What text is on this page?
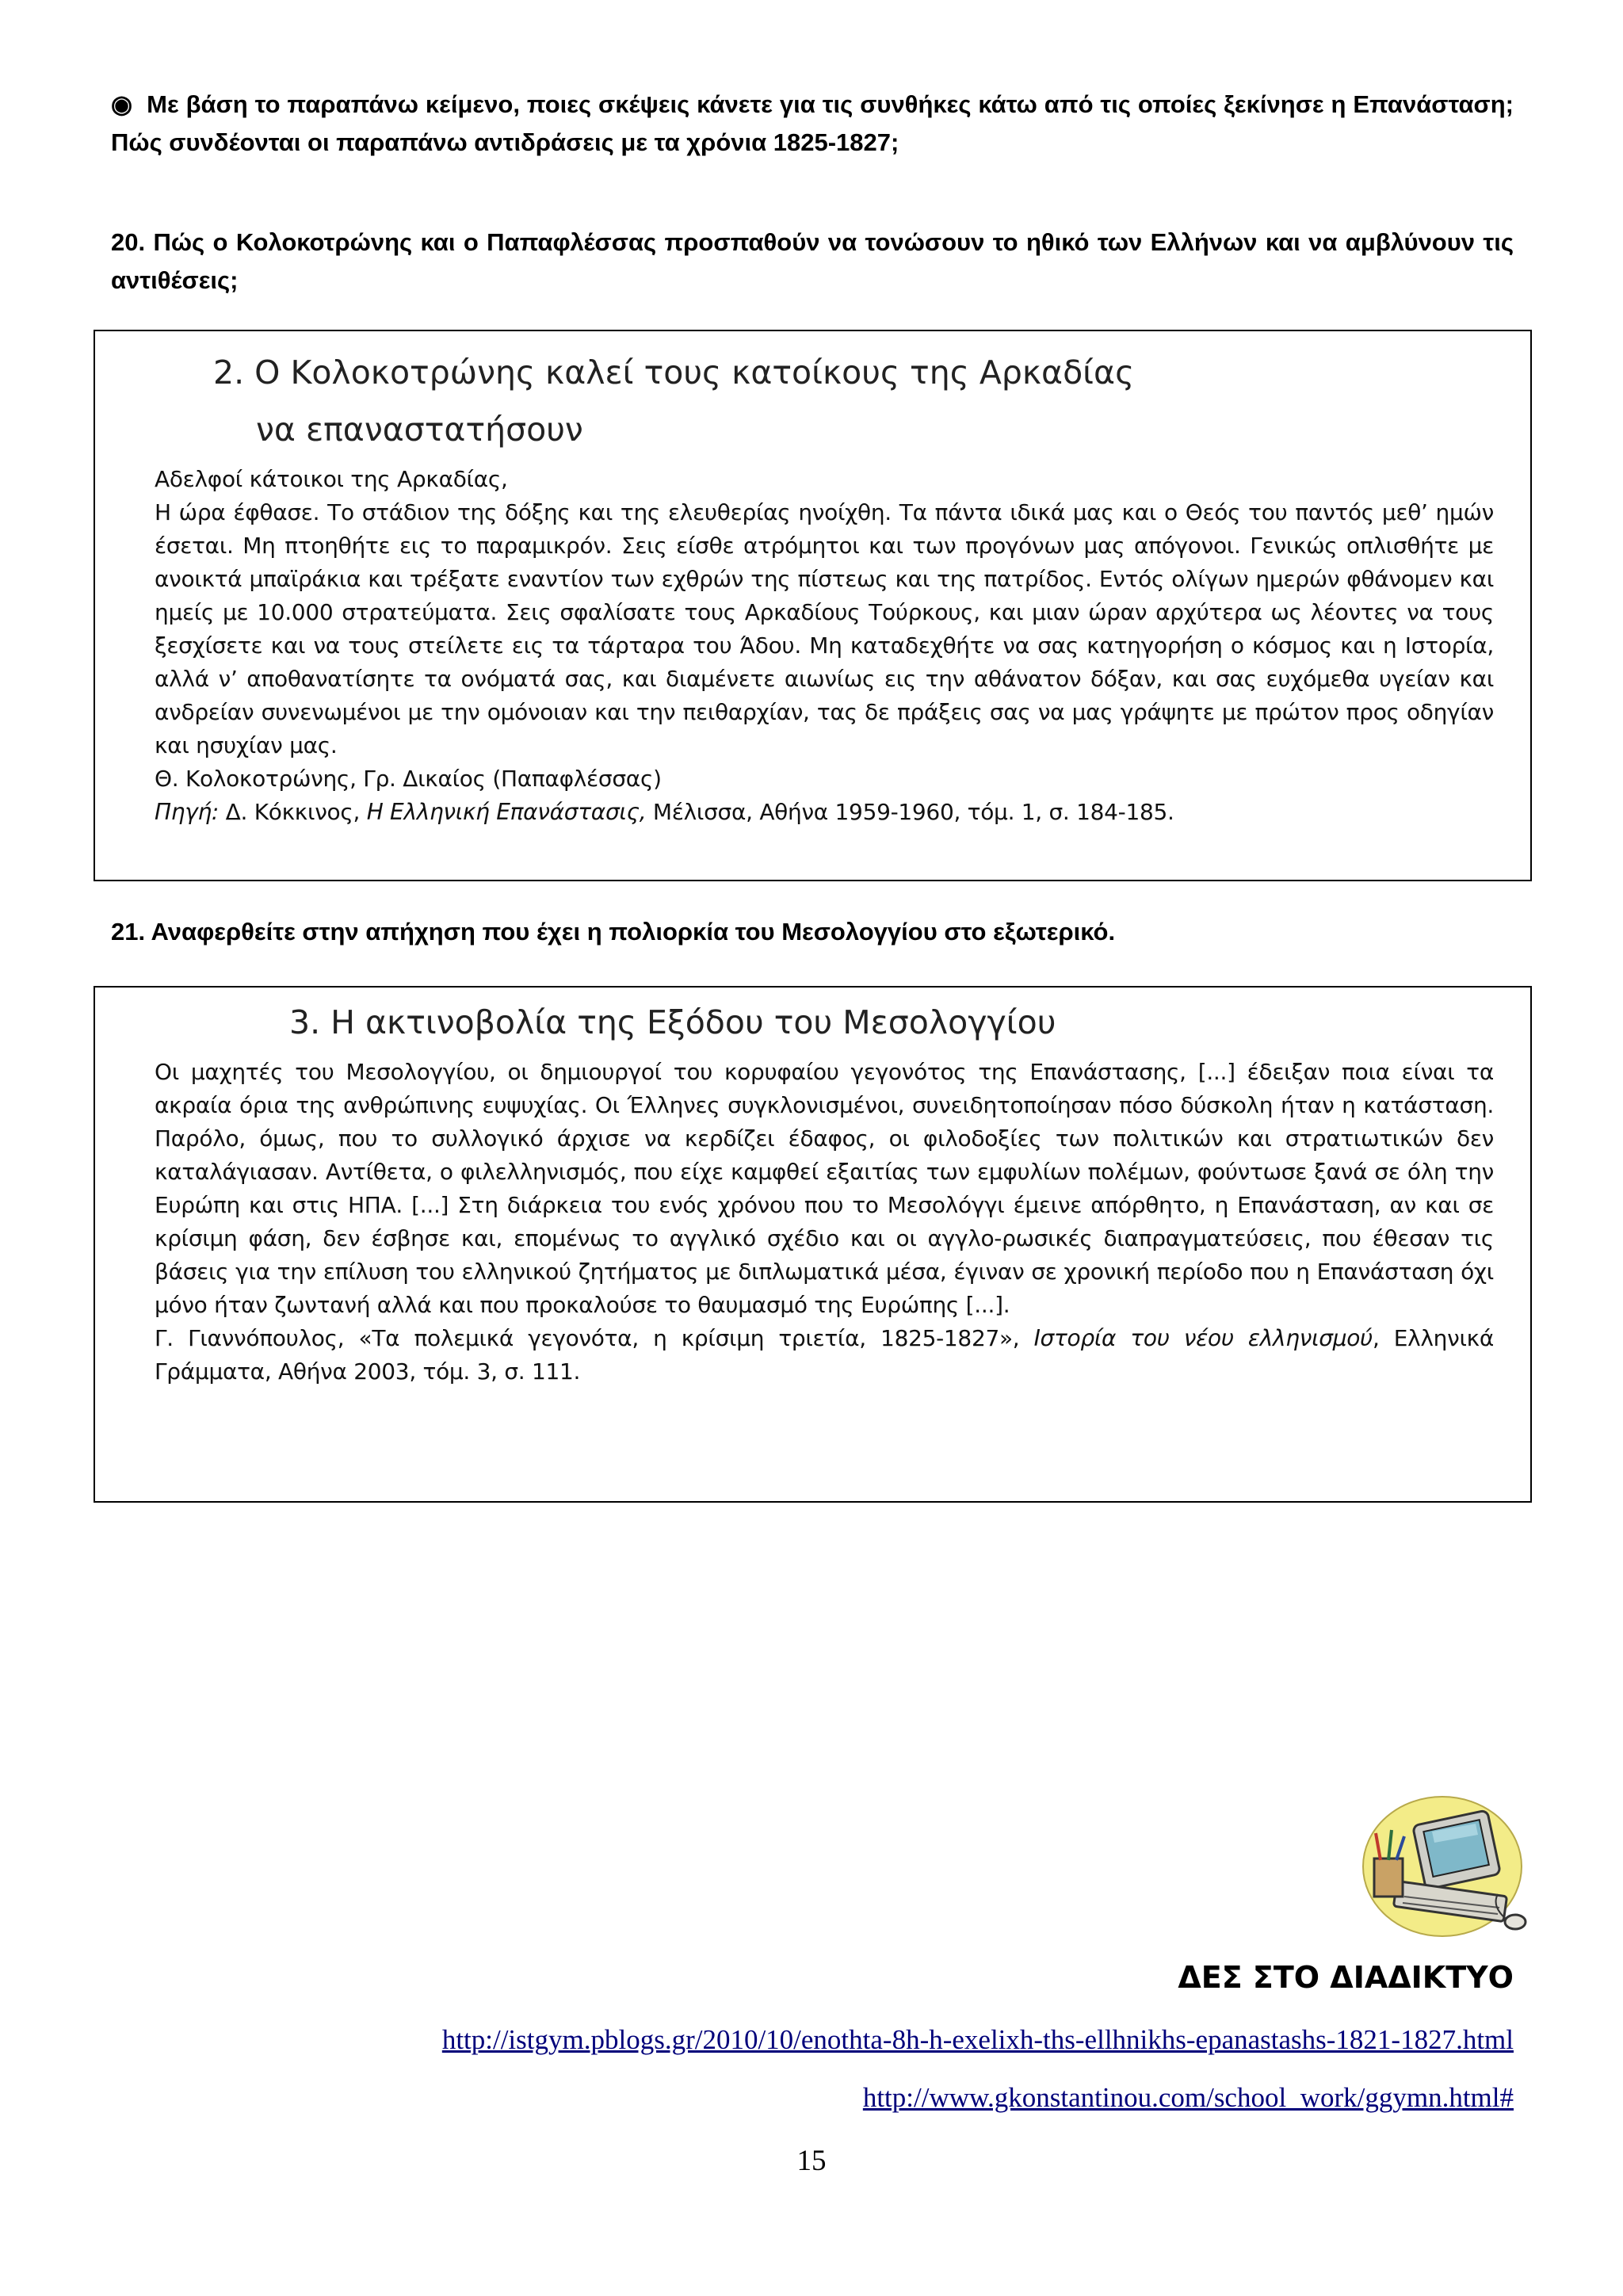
◉ Με βάση το παραπάνω κείμενο, ποιες σκέψεις κάνετε για τις συνθήκες κάτω από τις οποίες ξεκίνησε η Επανάσταση; Πώς συνδέονται οι παραπάνω αντιδράσεις με τα χρόνια 1825-1827;

20. Πώς ο Κολοκοτρώνης και ο Παπαφλέσσας προσπαθούν να τονώσουν το ηθικό των Ελλήνων και να αμβλύνουν τις αντιθέσεις;

2. Ο Κολοκοτρώνης καλεί τους κατοίκους της Αρκαδίας
να επαναστατήσουν

Αδελφοί κάτοικοι της Αρκαδίας,

Η ώρα έφθασε. Το στάδιον της δόξης και της ελευθερίας ηνοίχθη. Τα πάντα ιδικά μας και ο Θεός του παντός μεθ’ ημών έσεται. Μη πτοηθήτε εις το παραμικρόν. Σεις είσθε ατρόμητοι και των προγόνων μας απόγονοι. Γενικώς οπλισθήτε με ανοικτά μπαϊράκια και τρέξατε εναντίον των εχθρών της πίστεως και της πατρίδος. Εντός ολίγων ημερών φθάνομεν και ημείς με 10.000 στρατεύματα. Σεις σφαλίσατε τους Αρκαδίους Τούρκους, και μιαν ώραν αρχύτερα ως λέοντες να τους ξεσχίσετε και να τους στείλετε εις τα τάρταρα του Άδου. Μη καταδεχθήτε να σας κατηγορήση ο κόσμος και η Ιστορία, αλλά ν’ αποθανατίσητε τα ονόματά σας, και διαμένετε αιωνίως εις την αθάνατον δόξαν, και σας ευχόμεθα υγείαν και ανδρείαν συνενωμένοι με την ομόνοιαν και την πειθαρχίαν, τας δε πράξεις σας να μας γράψητε με πρώτον προς οδηγίαν και ησυχίαν μας.

Θ. Κολοκοτρώνης, Γρ. Δικαίος (Παπαφλέσσας)

Πηγή: Δ. Κόκκινος, Η Ελληνική Επανάστασις, Μέλισσα, Αθήνα 1959-1960, τόμ. 1, σ. 184-185.

21. Αναφερθείτε στην απήχηση που έχει η πολιορκία του Μεσολογγίου στο εξωτερικό.

3. Η ακτινοβολία της Εξόδου του Μεσολογγίου

Οι μαχητές του Μεσολογγίου, οι δημιουργοί του κορυφαίου γεγονότος της Επανάστασης, [...] έδειξαν ποια είναι τα ακραία όρια της ανθρώπινης ευψυχίας. Οι Έλληνες συγκλονισμένοι, συνειδητοποίησαν πόσο δύσκολη ήταν η κατάσταση. Παρόλο, όμως, που το συλλογικό άρχισε να κερδίζει έδαφος, οι φιλοδοξίες των πολιτικών και στρατιωτικών δεν καταλάγιασαν. Αντίθετα, ο φιλελληνισμός, που είχε καμφθεί εξαιτίας των εμφυλίων πολέμων, φούντωσε ξανά σε όλη την Ευρώπη και στις ΗΠΑ. [...] Στη διάρκεια του ενός χρόνου που το Μεσολόγγι έμεινε απόρθητο, η Επανάσταση, αν και σε κρίσιμη φάση, δεν έσβησε και, επομένως το αγγλικό σχέδιο και οι αγγλο-ρωσικές διαπραγματεύσεις, που έθεσαν τις βάσεις για την επίλυση του ελληνικού ζητήματος με διπλωματικά μέσα, έγιναν σε χρονική περίοδο που η Επανάσταση όχι μόνο ήταν ζωντανή αλλά και που προκαλούσε το θαυμασμό της Ευρώπης [...].

Γ. Γιαννόπουλος, «Τα πολεμικά γεγονότα, η κρίσιμη τριετία, 1825-1827», Ιστορία του νέου ελληνισμού, Ελληνικά Γράμματα, Αθήνα 2003, τόμ. 3, σ. 111.

ΔΕΣ ΣΤΟ ΔΙΑΔΙΚΤΥΟ
http://istgym.pblogs.gr/2010/10/enothta-8h-h-exelixh-ths-ellhnikhs-epanastashs-1821-1827.html
http://www.gkonstantinou.com/school_work/ggymn.html#
15
